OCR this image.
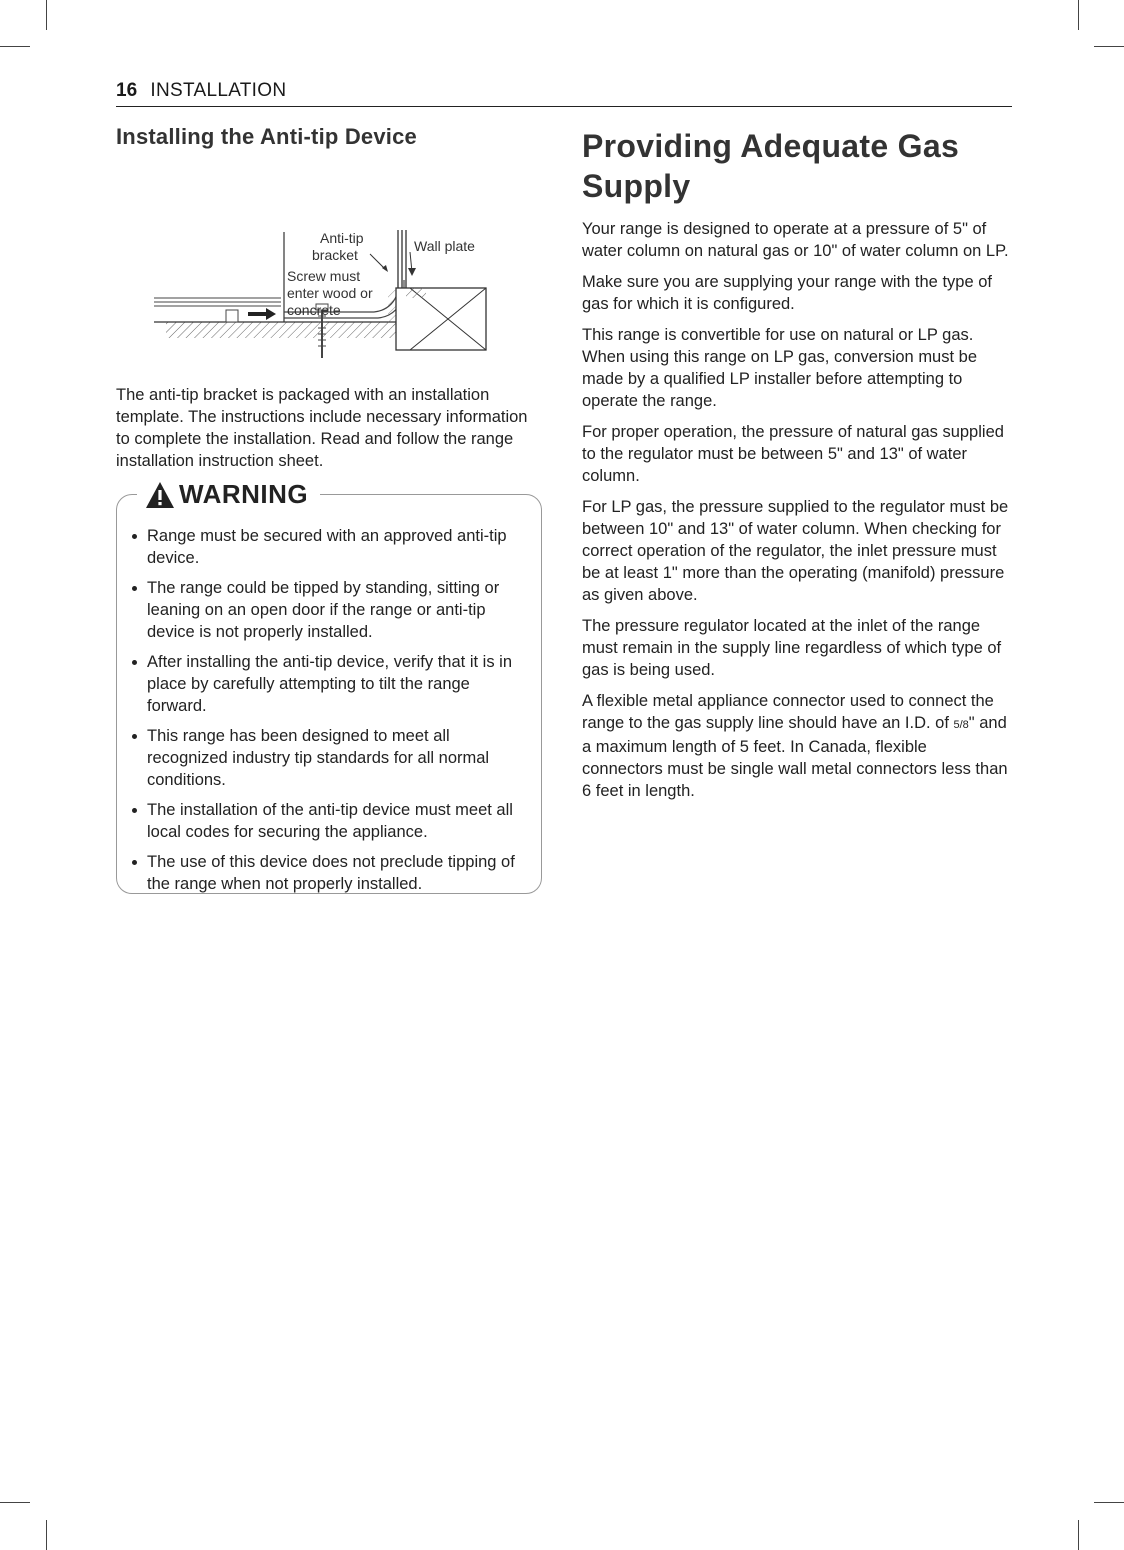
16 INSTALLATION
Installing the Anti-tip Device
Anti-tip
bracket
Wall plate
Screw must
enter wood or
concrete

The anti-tip bracket is packaged with an installation template. The instructions include necessary information to complete the installation. Read and follow the range installation instruction sheet.

WARNING
Range must be secured with an approved anti-tip device.
The range could be tipped by standing, sitting or leaning on an open door if the range or anti-tip device is not properly installed.
After installing the anti-tip device, verify that it is in place by carefully attempting to tilt the range forward.
This range has been designed to meet all recognized industry tip standards for all normal conditions.
The installation of the anti-tip device must meet all local codes for securing the appliance.
The use of this device does not preclude tipping of the range when not properly installed.
Providing Adequate Gas Supply

Your range is designed to operate at a pressure of 5" of water column on natural gas or 10" of water column on LP.

Make sure you are supplying your range with the type of gas for which it is configured.

This range is convertible for use on natural or LP gas. When using this range on LP gas, conversion must be made by a qualified LP installer before attempting to operate the range.

For proper operation, the pressure of natural gas supplied to the regulator must be between 5" and 13" of water column.

For LP gas, the pressure supplied to the regulator must be between 10" and 13" of water column. When checking for correct operation of the regulator, the inlet pressure must be at least 1" more than the operating (manifold) pressure as given above.

The pressure regulator located at the inlet of the range must remain in the supply line regardless of which type of gas is being used.

A flexible metal appliance connector used to connect the range to the gas supply line should have an I.D. of 5/8" and a maximum length of 5 feet. In Canada, flexible connectors must be single wall metal connectors less than 6 feet in length.
